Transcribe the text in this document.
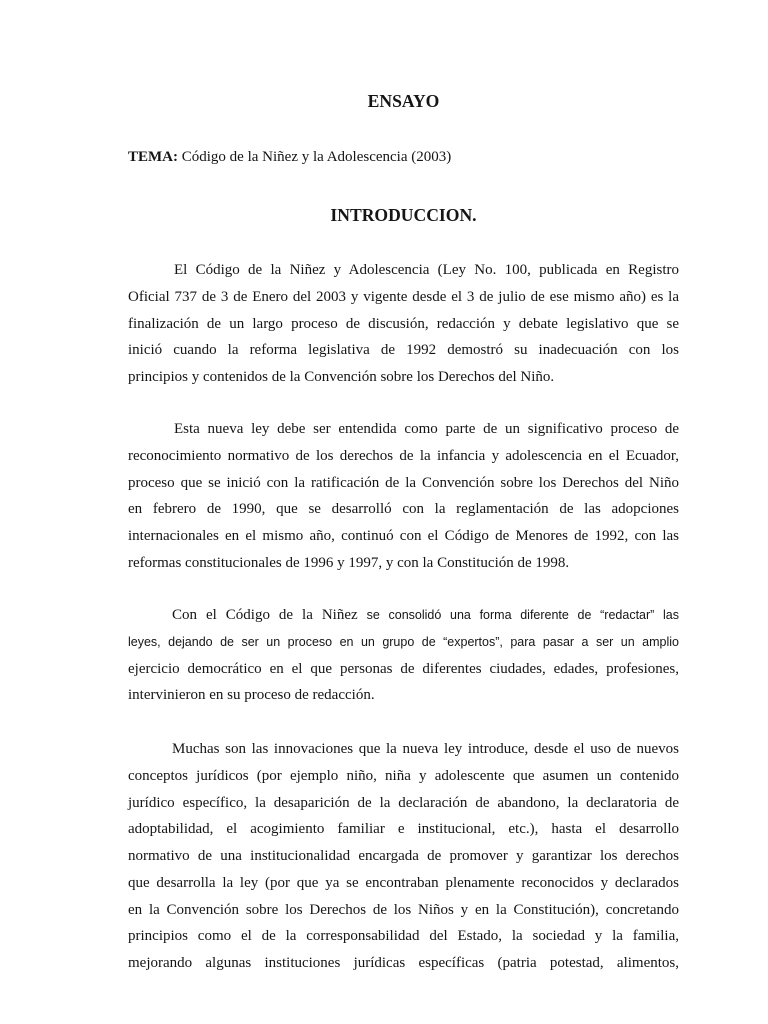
ENSAYO
TEMA: Código de la Niñez y la Adolescencia (2003)
INTRODUCCION.
El Código de la Niñez y Adolescencia (Ley No. 100, publicada en Registro
Oficial 737 de 3 de Enero del 2003 y vigente desde el 3 de julio de ese mismo año) es la
finalización de un largo proceso de discusión, redacción y debate legislativo que se
inició cuando la reforma legislativa de 1992 demostró su inadecuación con los
principios y contenidos de la Convención sobre los Derechos del Niño.
Esta nueva ley debe ser entendida como parte de un significativo proceso de
reconocimiento normativo de los derechos de la infancia y adolescencia en el Ecuador,
proceso que se inició con la ratificación de la Convención sobre los Derechos del Niño
en febrero de 1990, que se desarrolló con la reglamentación de las adopciones
internacionales en el mismo año, continuó con el Código de Menores de 1992, con las
reformas constitucionales de 1996 y 1997, y con la Constitución de 1998.
Con el Código de la Niñez se consolidó una forma diferente de “redactar” las
leyes, dejando de ser un proceso en un grupo de “expertos”, para pasar a ser un amplio
ejercicio democrático en el que personas de diferentes ciudades, edades, profesiones,
intervinieron en su proceso de redacción.
Muchas son las innovaciones que la nueva ley introduce, desde el uso de nuevos
conceptos jurídicos (por ejemplo niño, niña y adolescente que asumen un contenido
jurídico específico, la desaparición de la declaración de abandono, la declaratoria de
adoptabilidad, el acogimiento familiar e institucional, etc.), hasta el desarrollo
normativo de una institucionalidad encargada de promover y garantizar los derechos
que desarrolla la ley (por que ya se encontraban plenamente reconocidos y declarados
en la Convención sobre los Derechos de los Niños y en la Constitución), concretando
principios como el de la corresponsabilidad del Estado, la sociedad y la familia,
mejorando algunas instituciones jurídicas específicas (patria potestad, alimentos,
